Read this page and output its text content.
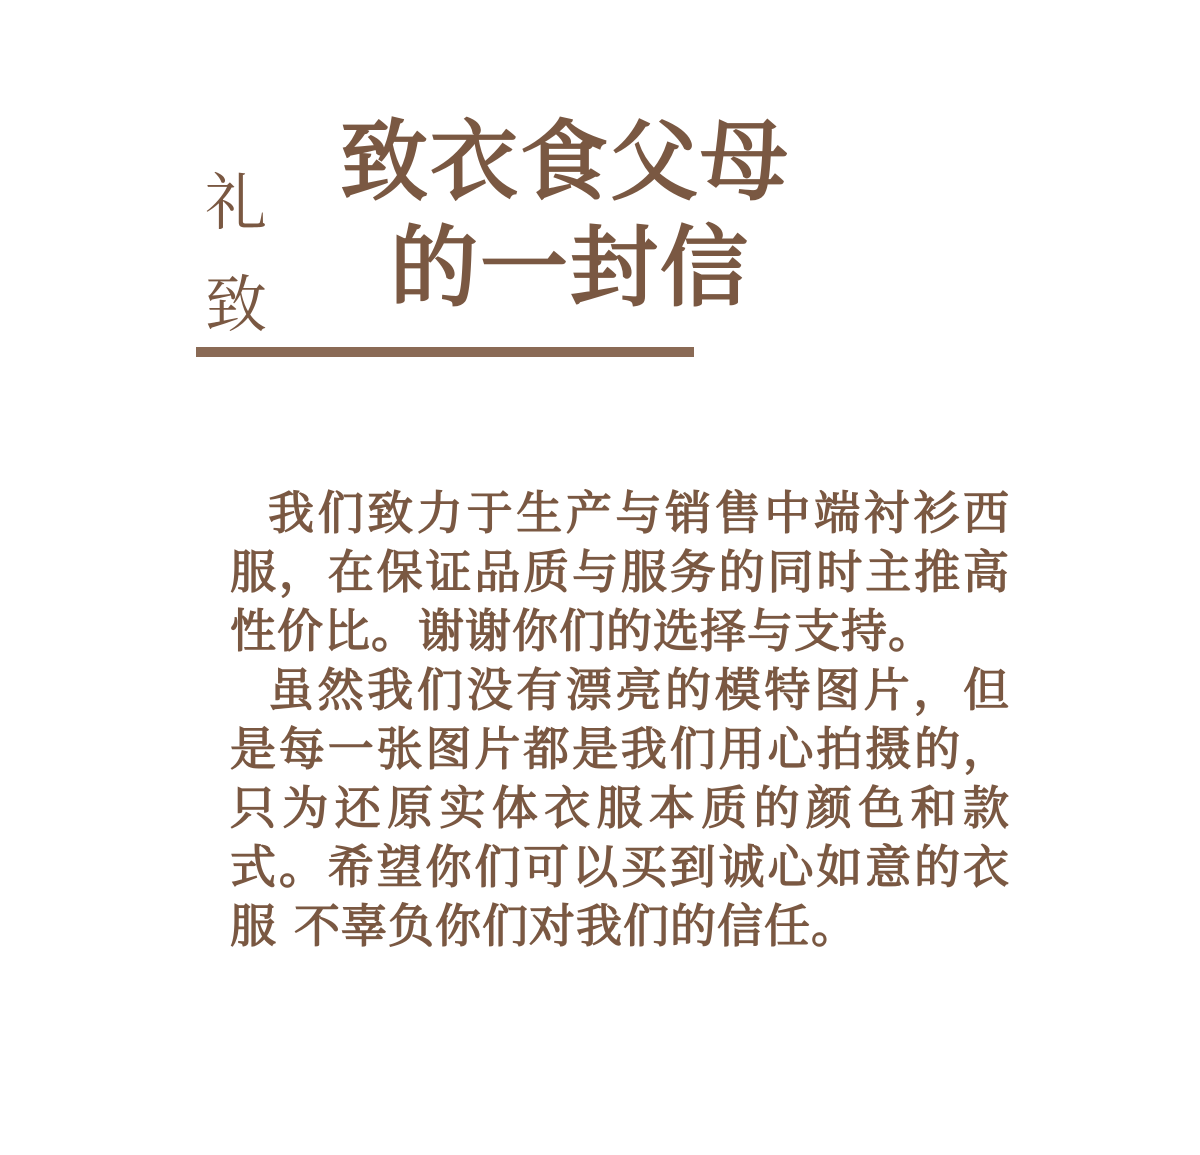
礼
致
致衣食父母
的一封信

我们致力于生产与销售中端衬衫西服，在保证品质与服务的同时主推高性价比。谢谢你们的选择与支持。

虽然我们没有漂亮的模特图片，但是每一张图片都是我们用心拍摄的，只为还原实体衣服本质的颜色和款式。希望你们可以买到诚心如意的衣服 不辜负你们对我们的信任。
